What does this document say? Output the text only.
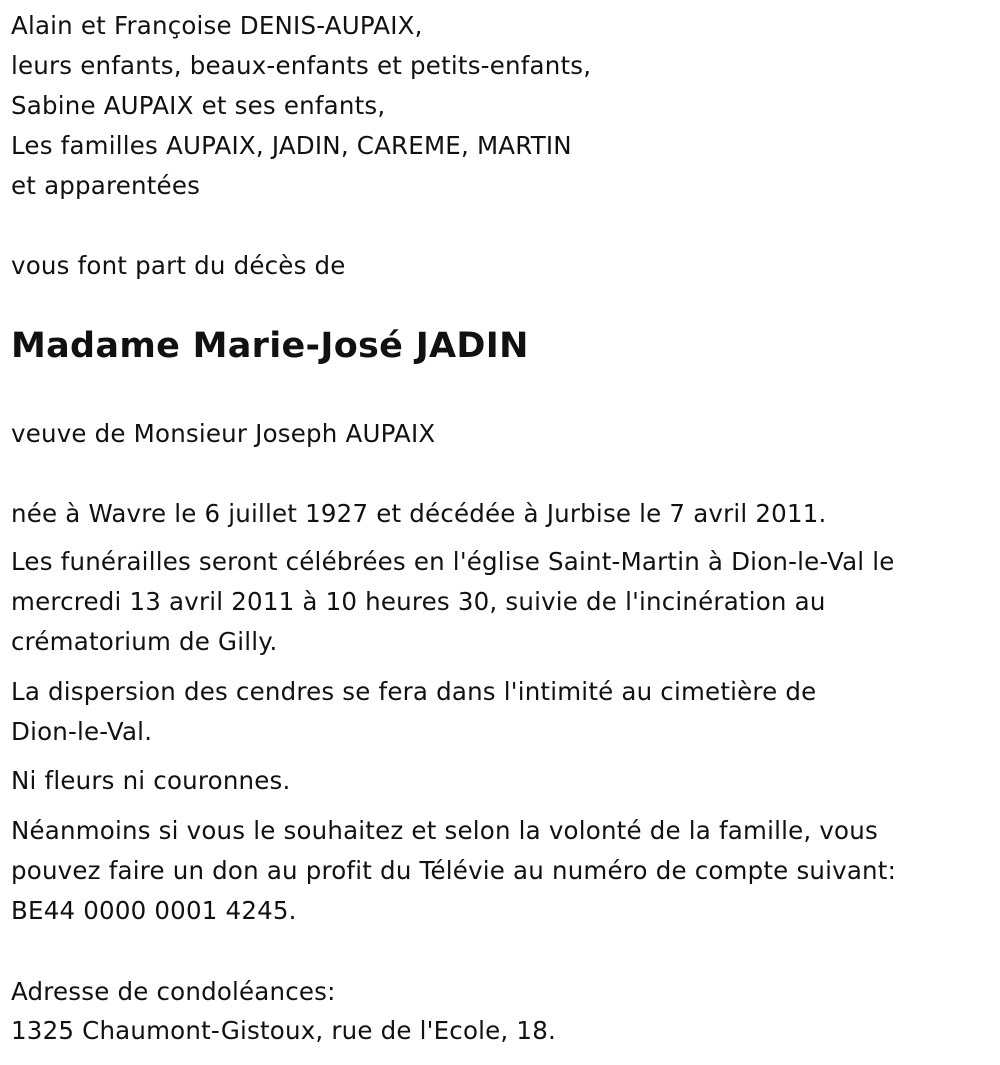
Alain et Françoise DENIS-AUPAIX,
leurs enfants, beaux-enfants et petits-enfants,
Sabine AUPAIX et ses enfants,
Les familles AUPAIX, JADIN, CAREME, MARTIN
et apparentées
vous font part du décès de
Madame Marie-José JADIN
veuve de Monsieur Joseph AUPAIX
née à Wavre le 6 juillet 1927 et décédée à Jurbise le 7 avril 2011.
Les funérailles seront célébrées en l'église Saint-Martin à Dion-le-Val le
mercredi 13 avril 2011 à 10 heures 30, suivie de l'incinération au
crématorium de Gilly.
La dispersion des cendres se fera dans l'intimité au cimetière de
Dion-le-Val.
Ni fleurs ni couronnes.
Néanmoins si vous le souhaitez et selon la volonté de la famille, vous
pouvez faire un don au profit du Télévie au numéro de compte suivant:
BE44 0000 0001 4245.
Adresse de condoléances:
1325 Chaumont-Gistoux, rue de l'Ecole, 18.
